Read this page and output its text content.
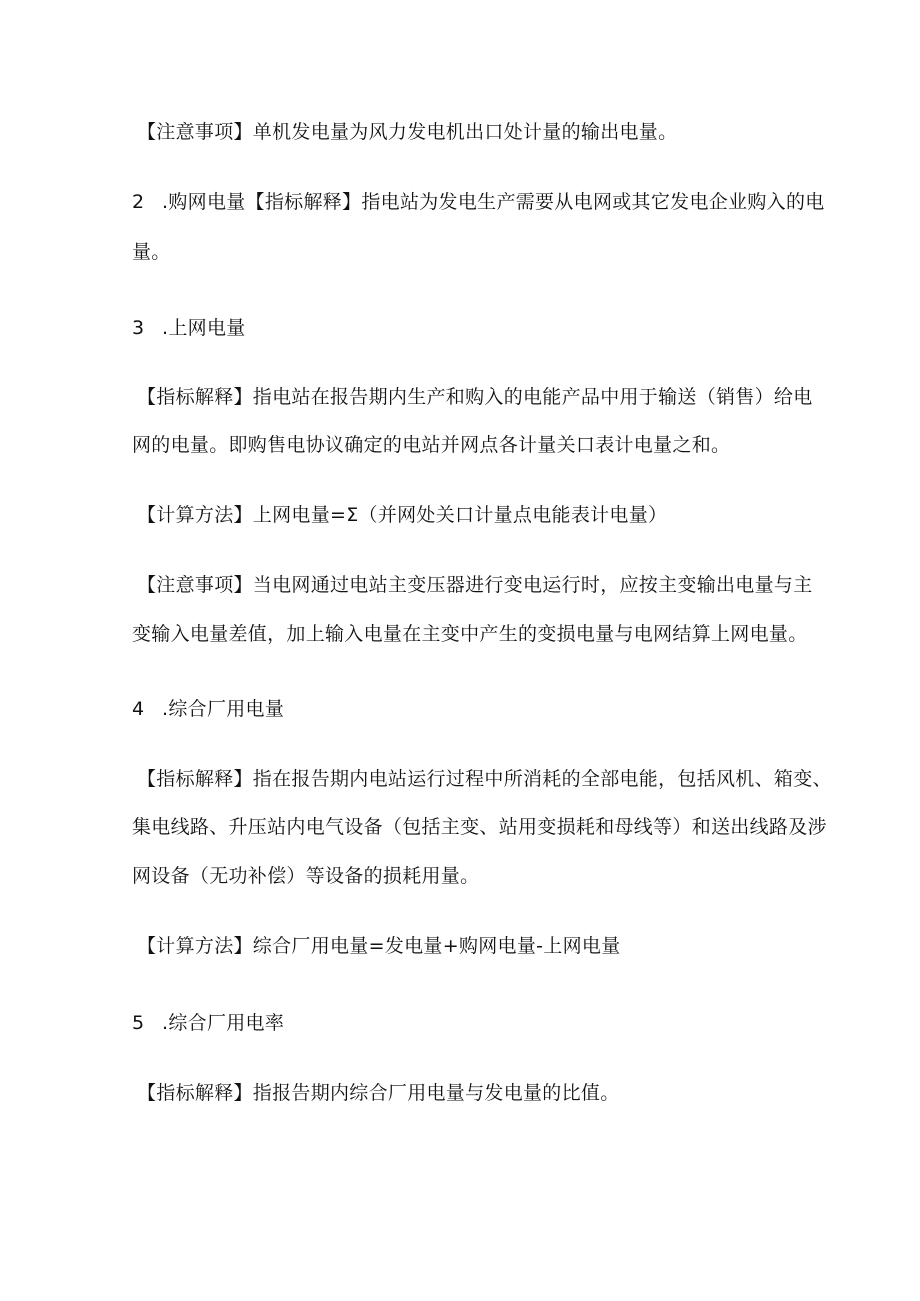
【注意事项】单机发电量为风力发电机出口处计量的输出电量。
2 .购网电量【指标解释】指电站为发电生产需要从电网或其它发电企业购入的电
量。
3 .上网电量
【指标解释】指电站在报告期内生产和购入的电能产品中用于输送（销售）给电
网的电量。即购售电协议确定的电站并网点各计量关口表计电量之和。
【计算方法】上网电量=Σ（并网处关口计量点电能表计电量）
【注意事项】当电网通过电站主变压器进行变电运行时，应按主变输出电量与主
变输入电量差值，加上输入电量在主变中产生的变损电量与电网结算上网电量。
4 .综合厂用电量
【指标解释】指在报告期内电站运行过程中所消耗的全部电能，包括风机、箱变、
集电线路、升压站内电气设备（包括主变、站用变损耗和母线等）和送出线路及涉
网设备（无功补偿）等设备的损耗用量。
【计算方法】综合厂用电量=发电量+购网电量-上网电量
5 .综合厂用电率
【指标解释】指报告期内综合厂用电量与发电量的比值。
